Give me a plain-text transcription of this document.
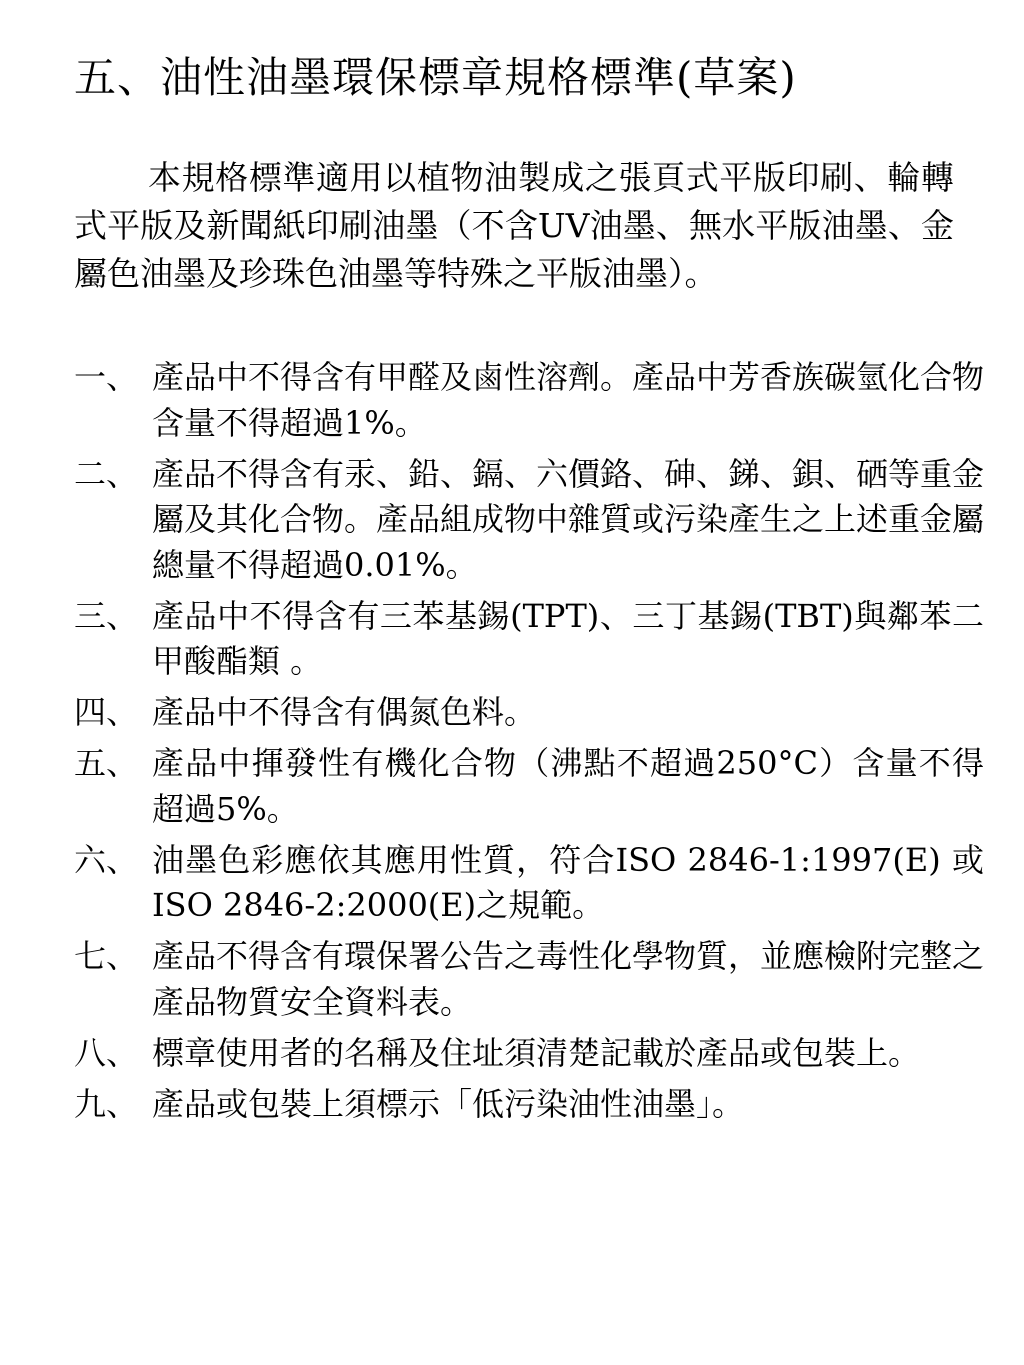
五、油性油墨環保標章規格標準(草案)
本規格標準適用以植物油製成之張頁式平版印刷、輪轉式平版及新聞紙印刷油墨（不含UV油墨、無水平版油墨、金屬色油墨及珍珠色油墨等特殊之平版油墨）。
一、 產品中不得含有甲醛及鹵性溶劑。產品中芳香族碳氫化合物含量不得超過1%。
二、 產品不得含有汞、鉛、鎘、六價鉻、砷、銻、鋇、硒等重金屬及其化合物。產品組成物中雜質或污染產生之上述重金屬總量不得超過0.01%。
三、 產品中不得含有三苯基錫(TPT)、三丁基錫(TBT)與鄰苯二甲酸酯類 。
四、 產品中不得含有偶氮色料。
五、 產品中揮發性有機化合物（沸點不超過250°C）含量不得超過5%。
六、 油墨色彩應依其應用性質，符合ISO 2846-1:1997(E) 或ISO 2846-2:2000(E)之規範。
七、 產品不得含有環保署公告之毒性化學物質，並應檢附完整之產品物質安全資料表。
八、 標章使用者的名稱及住址須清楚記載於產品或包裝上。
九、 產品或包裝上須標示「低污染油性油墨」。
